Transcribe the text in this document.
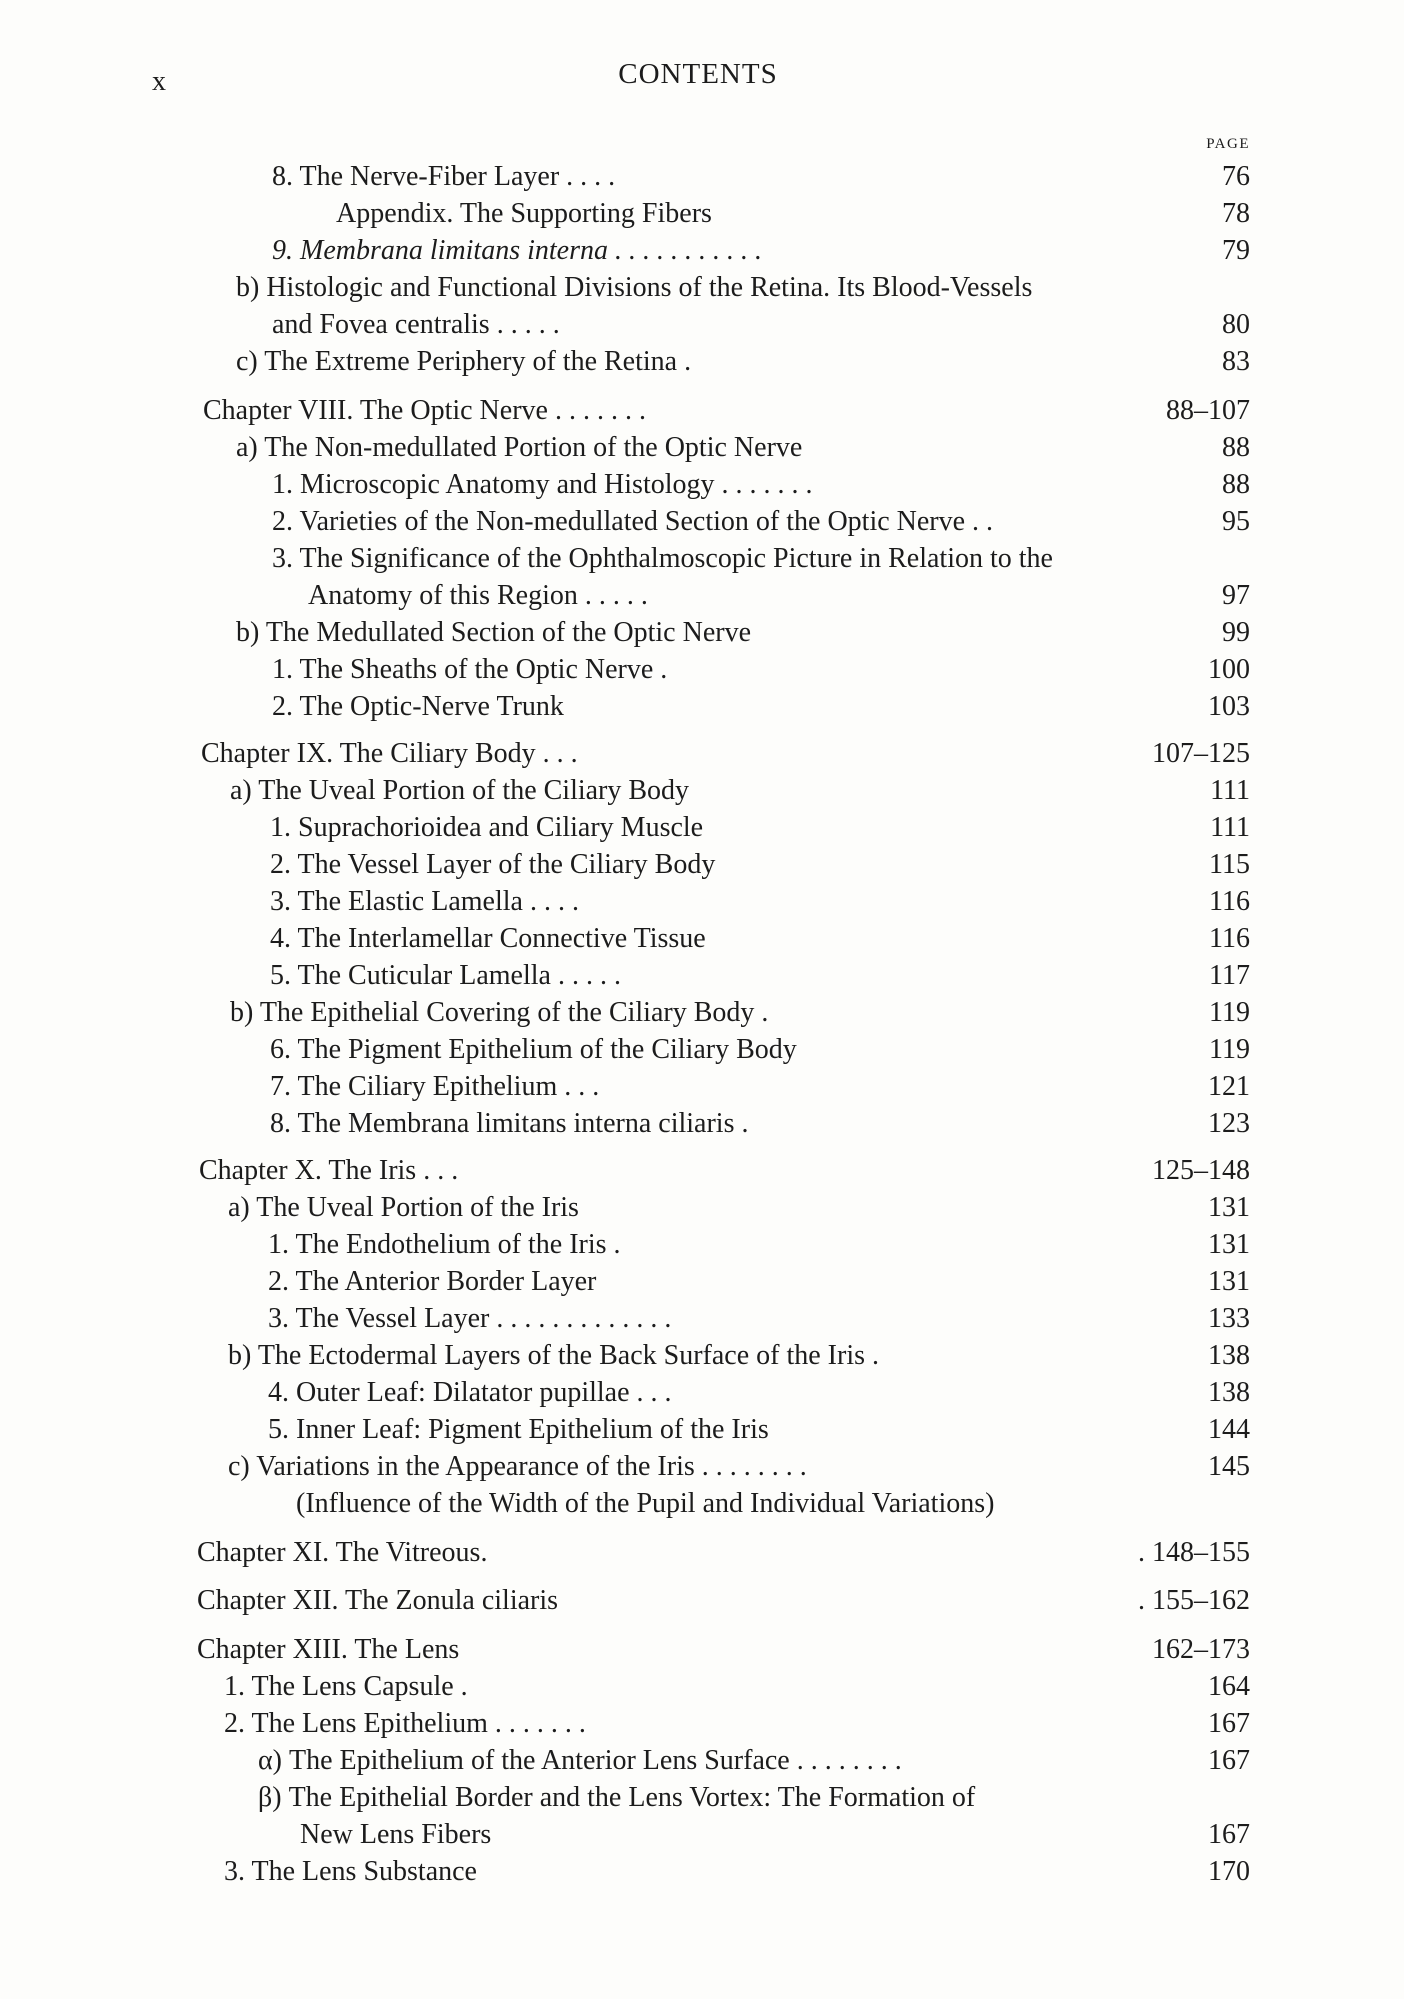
x	CONTENTS
PAGE
8. The Nerve-Fiber Layer . . . .	76
Appendix. The Supporting Fibers	78
9. Membrana limitans interna . . . . . . . . . . .	79
b) Histologic and Functional Divisions of the Retina. Its Blood-Vessels
and Fovea centralis . . . . .	80
c) The Extreme Periphery of the Retina .	83
Chapter VIII. The Optic Nerve . . . . . . .	88–107
a) The Non-medullated Portion of the Optic Nerve	88
1. Microscopic Anatomy and Histology . . . . . . .	88
2. Varieties of the Non-medullated Section of the Optic Nerve . .	95
3. The Significance of the Ophthalmoscopic Picture in Relation to the
Anatomy of this Region . . . . .	97
b) The Medullated Section of the Optic Nerve	99
1. The Sheaths of the Optic Nerve .	100
2. The Optic-Nerve Trunk	103
Chapter IX. The Ciliary Body . . .	107–125
a) The Uveal Portion of the Ciliary Body	111
1. Suprachorioidea and Ciliary Muscle	111
2. The Vessel Layer of the Ciliary Body	115
3. The Elastic Lamella . . . .	116
4. The Interlamellar Connective Tissue	116
5. The Cuticular Lamella . . . . .	117
b) The Epithelial Covering of the Ciliary Body .	119
6. The Pigment Epithelium of the Ciliary Body	119
7. The Ciliary Epithelium . . .	121
8. The Membrana limitans interna ciliaris .	123
Chapter X. The Iris . . .	125–148
a) The Uveal Portion of the Iris	131
1. The Endothelium of the Iris .	131
2. The Anterior Border Layer	131
3. The Vessel Layer . . . . . . . . . . . . .	133
b) The Ectodermal Layers of the Back Surface of the Iris .	138
4. Outer Leaf: Dilatator pupillae . . .	138
5. Inner Leaf: Pigment Epithelium of the Iris	144
c) Variations in the Appearance of the Iris . . . . . . . .	145
(Influence of the Width of the Pupil and Individual Variations)
Chapter XI. The Vitreous.	. 148–155
Chapter XII. The Zonula ciliaris	. 155–162
Chapter XIII. The Lens	162–173
1. The Lens Capsule .	164
2. The Lens Epithelium . . . . . . .	167
α) The Epithelium of the Anterior Lens Surface . . . . . . . .	167
β) The Epithelial Border and the Lens Vortex: The Formation of
New Lens Fibers	167
3. The Lens Substance	170
